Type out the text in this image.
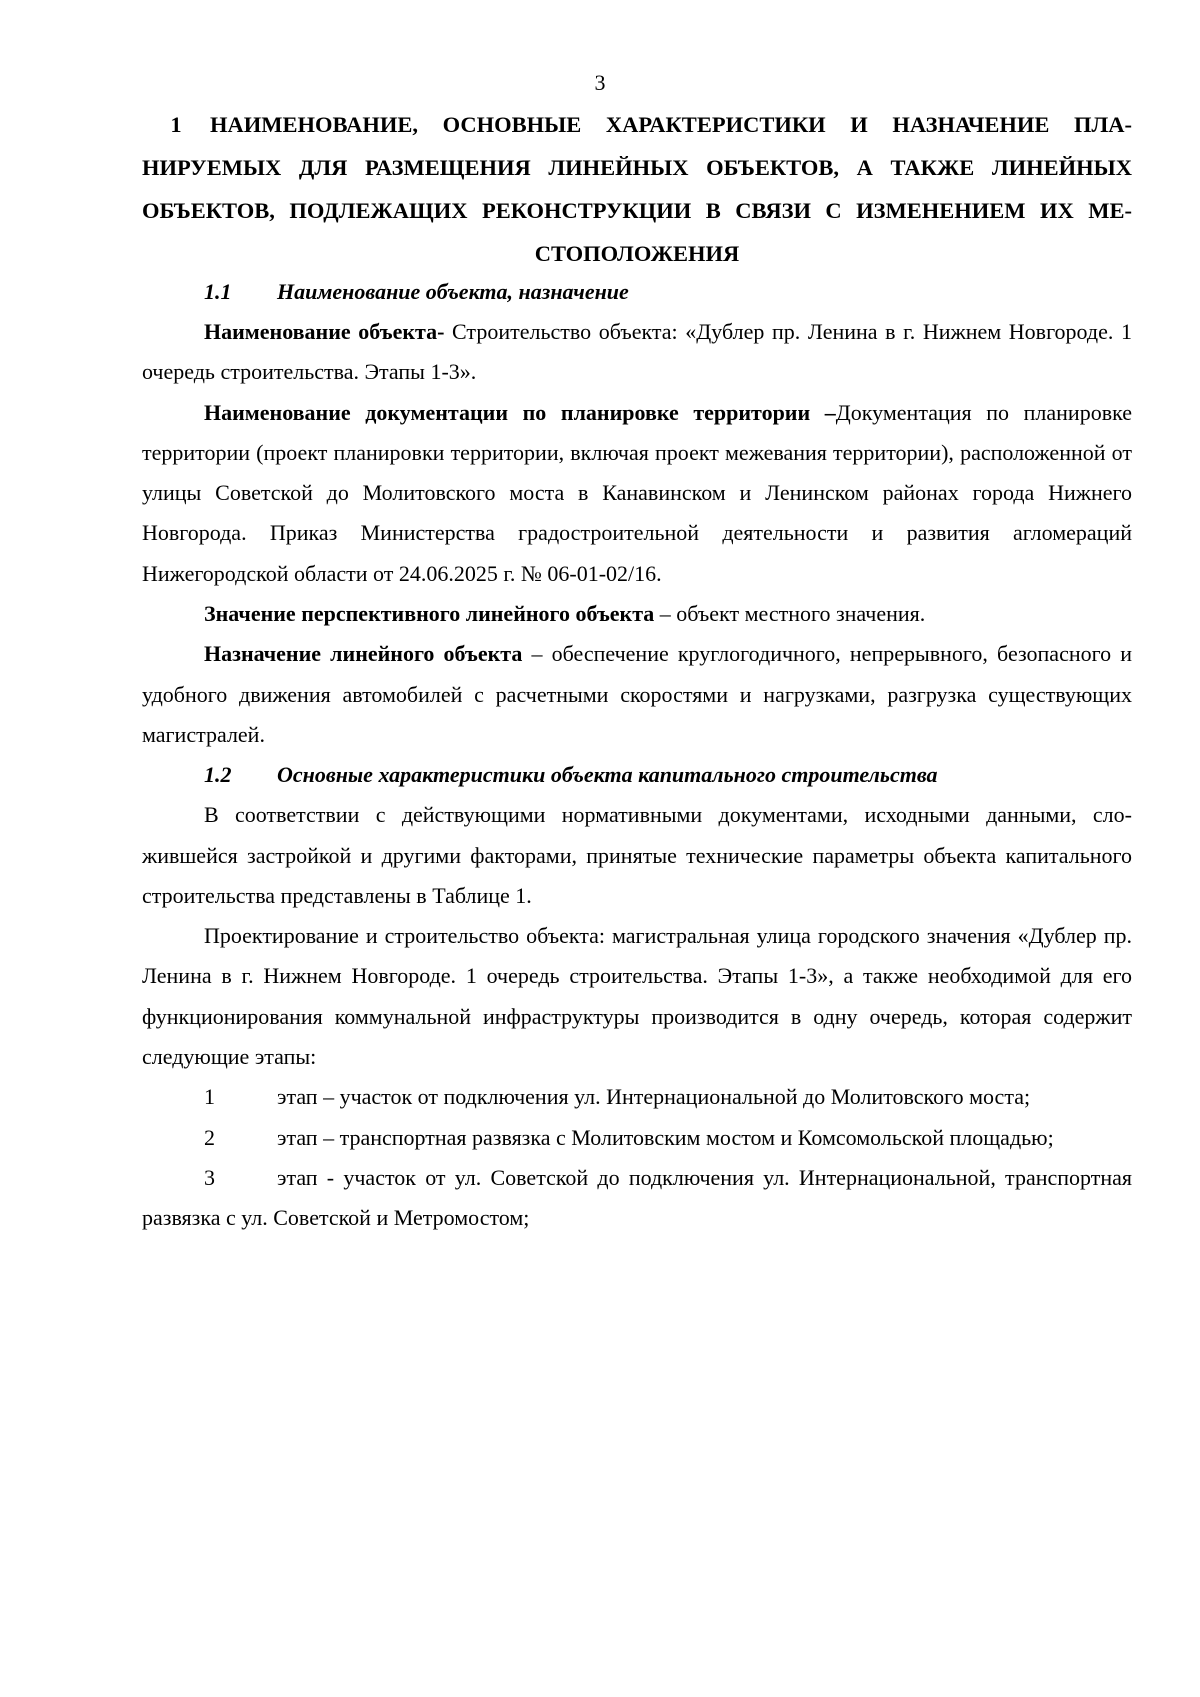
3
1 НАИМЕНОВАНИЕ, ОСНОВНЫЕ ХАРАКТЕРИСТИКИ И НАЗНАЧЕНИЕ ПЛАНИРУЕМЫХ ДЛЯ РАЗМЕЩЕНИЯ ЛИНЕЙНЫХ ОБЪЕКТОВ, А ТАКЖЕ ЛИНЕЙНЫХ ОБЪЕКТОВ, ПОДЛЕЖАЩИХ РЕКОНСТРУКЦИИ В СВЯЗИ С ИЗМЕНЕНИЕМ ИХ МЕСТОПОЛОЖЕНИЯ

1.1 Наименование объекта, назначение

Наименование объекта- Строительство объекта: «Дублер пр. Ленина в г. Нижнем Новгороде. 1 очередь строительства. Этапы 1-3».

Наименование документации по планировке территории –Документация по планировке территории (проект планировки территории, включая проект межевания территории), расположенной от улицы Советской до Молитовского моста в Канавинском и Ленинском районах города Нижнего Новгорода. Приказ Министерства градостроительной деятельности и развития агломераций Нижегородской области от 24.06.2025 г. № 06-01-02/16.

Значение перспективного линейного объекта – объект местного значения.

Назначение линейного объекта – обеспечение круглогодичного, непрерывного, безопасного и удобного движения автомобилей с расчетными скоростями и нагрузками, разгрузка существующих магистралей.

1.2 Основные характеристики объекта капитального строительства

В соответствии с действующими нормативными документами, исходными данными, сложившейся застройкой и другими факторами, принятые технические параметры объекта капитального строительства представлены в Таблице 1.

Проектирование и строительство объекта: магистральная улица городского значения «Дублер пр. Ленина в г. Нижнем Новгороде. 1 очередь строительства. Этапы 1-3», а также необходимой для его функционирования коммунальной инфраструктуры производится в одну очередь, которая содержит следующие этапы:

1	этап – участок от подключения ул. Интернациональной до Молитовского моста;

2	этап – транспортная развязка с Молитовским мостом и Комсомольской площадью;

3	этап - участок от ул. Советской до подключения ул. Интернациональной, транспортная развязка с ул. Советской и Метромостом;
